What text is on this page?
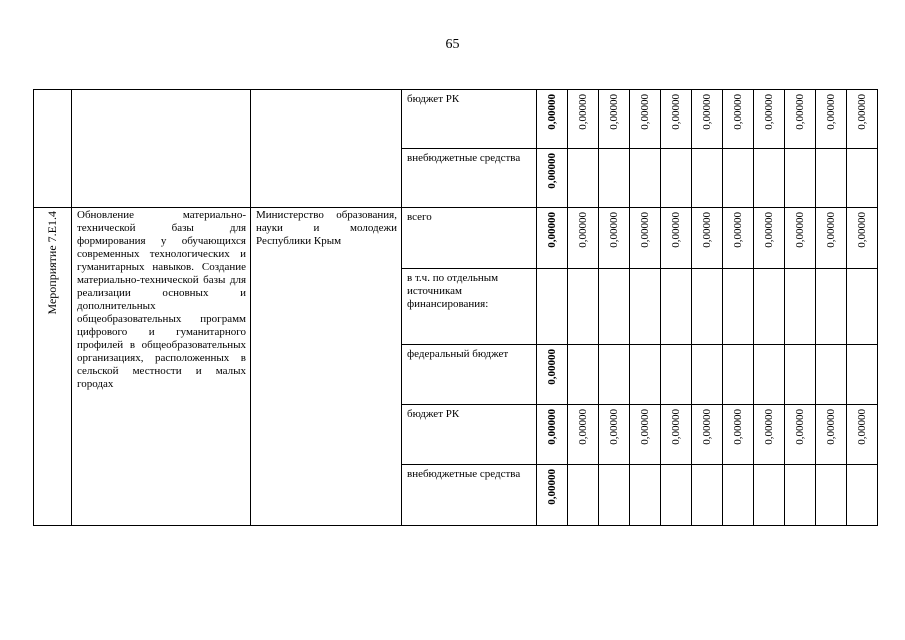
65
			бюджет РК	0,00000	0,00000	0,00000	0,00000	0,00000	0,00000	0,00000	0,00000	0,00000	0,00000	0,00000
			внебюджетные средства	0,00000										
Мероприятие 7.Е1.4	Обновление материально-технической базы для формирования у обучающихся современных технологических и гуманитарных навыков. Создание материально-технической базы для реализации основных и дополнительных общеобразовательных программ цифрового и гуманитарного профилей в общеобразовательных организациях, расположенных в сельской местности и малых городах	Министерство образования, науки и молодежи Республики Крым	всего	0,00000	0,00000	0,00000	0,00000	0,00000	0,00000	0,00000	0,00000	0,00000	0,00000	0,00000
			в т.ч. по отдельным источникам финансирования:											
			федеральный бюджет	0,00000										
			бюджет РК	0,00000	0,00000	0,00000	0,00000	0,00000	0,00000	0,00000	0,00000	0,00000	0,00000	0,00000
			внебюджетные средства	0,00000										
